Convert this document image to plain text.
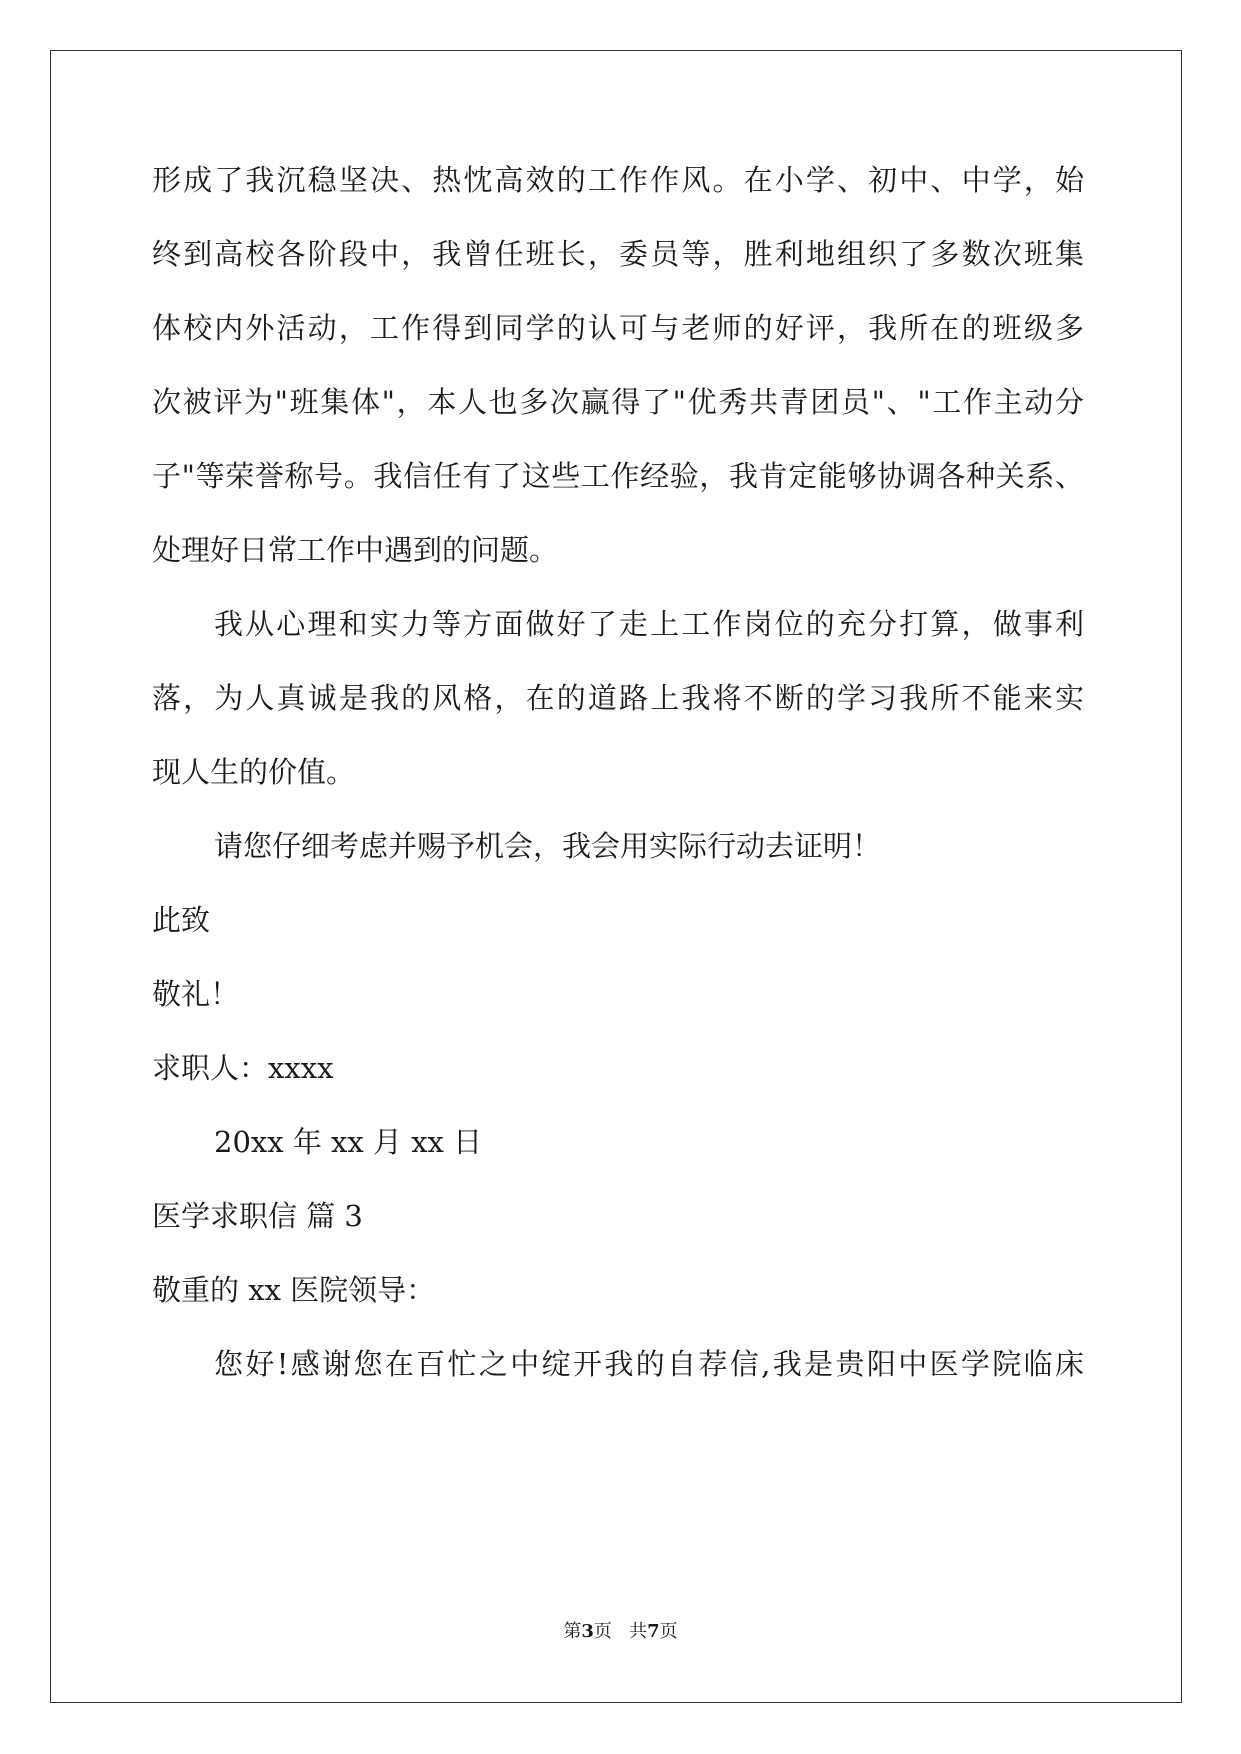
形成了我沉稳坚决、热忱高效的工作作风。在小学、初中、中学，始
终到高校各阶段中，我曾任班长，委员等，胜利地组织了多数次班集
体校内外活动，工作得到同学的认可与老师的好评，我所在的班级多
次被评为"班集体"，本人也多次赢得了"优秀共青团员"、"工作主动分
子"等荣誉称号。我信任有了这些工作经验，我肯定能够协调各种关系、
处理好日常工作中遇到的问题。
我从心理和实力等方面做好了走上工作岗位的充分打算，做事利
落，为人真诚是我的风格，在的道路上我将不断的学习我所不能来实
现人生的价值。
请您仔细考虑并赐予机会，我会用实际行动去证明！
此致
敬礼！
求职人：xxxx
20xx 年 xx 月 xx 日
医学求职信 篇 3
敬重的 xx 医院领导：
您好!感谢您在百忙之中绽开我的自荐信,我是贵阳中医学院临床
第3页 共7页
